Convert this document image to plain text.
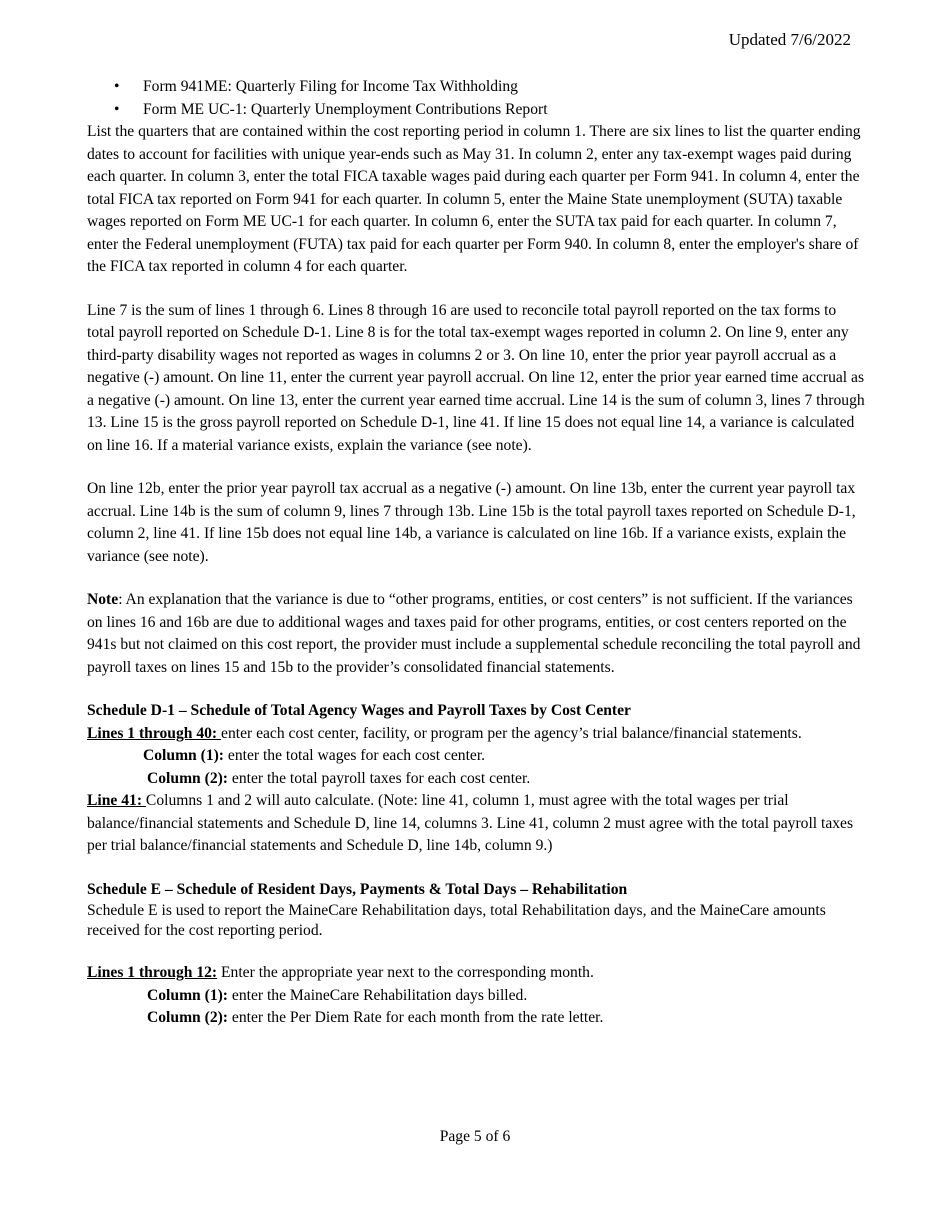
Updated 7/6/2022
• Form 941ME: Quarterly Filing for Income Tax Withholding
• Form ME UC-1: Quarterly Unemployment Contributions Report

List the quarters that are contained within the cost reporting period in column 1. There are six lines to list the quarter ending dates to account for facilities with unique year-ends such as May 31. In column 2, enter any tax-exempt wages paid during each quarter. In column 3, enter the total FICA taxable wages paid during each quarter per Form 941. In column 4, enter the total FICA tax reported on Form 941 for each quarter. In column 5, enter the Maine State unemployment (SUTA) taxable wages reported on Form ME UC-1 for each quarter. In column 6, enter the SUTA tax paid for each quarter. In column 7, enter the Federal unemployment (FUTA) tax paid for each quarter per Form 940. In column 8, enter the employer's share of the FICA tax reported in column 4 for each quarter.

Line 7 is the sum of lines 1 through 6. Lines 8 through 16 are used to reconcile total payroll reported on the tax forms to total payroll reported on Schedule D-1. Line 8 is for the total tax-exempt wages reported in column 2. On line 9, enter any third-party disability wages not reported as wages in columns 2 or 3. On line 10, enter the prior year payroll accrual as a negative (-) amount. On line 11, enter the current year payroll accrual. On line 12, enter the prior year earned time accrual as a negative (-) amount. On line 13, enter the current year earned time accrual. Line 14 is the sum of column 3, lines 7 through 13. Line 15 is the gross payroll reported on Schedule D-1, line 41. If line 15 does not equal line 14, a variance is calculated on line 16. If a material variance exists, explain the variance (see note).

On line 12b, enter the prior year payroll tax accrual as a negative (-) amount. On line 13b, enter the current year payroll tax accrual. Line 14b is the sum of column 9, lines 7 through 13b. Line 15b is the total payroll taxes reported on Schedule D-1, column 2, line 41. If line 15b does not equal line 14b, a variance is calculated on line 16b. If a variance exists, explain the variance (see note).

Note: An explanation that the variance is due to “other programs, entities, or cost centers” is not sufficient. If the variances on lines 16 and 16b are due to additional wages and taxes paid for other programs, entities, or cost centers reported on the 941s but not claimed on this cost report, the provider must include a supplemental schedule reconciling the total payroll and payroll taxes on lines 15 and 15b to the provider’s consolidated financial statements.

Schedule D-1 – Schedule of Total Agency Wages and Payroll Taxes by Cost Center

Lines 1 through 40: enter each cost center, facility, or program per the agency’s trial balance/financial statements.

Column (1): enter the total wages for each cost center.

Column (2): enter the total payroll taxes for each cost center.

Line 41: Columns 1 and 2 will auto calculate. (Note: line 41, column 1, must agree with the total wages per trial balance/financial statements and Schedule D, line 14, columns 3. Line 41, column 2 must agree with the total payroll taxes per trial balance/financial statements and Schedule D, line 14b, column 9.)

Schedule E – Schedule of Resident Days, Payments & Total Days – Rehabilitation

Schedule E is used to report the MaineCare Rehabilitation days, total Rehabilitation days, and the MaineCare amounts received for the cost reporting period.

Lines 1 through 12: Enter the appropriate year next to the corresponding month.

Column (1): enter the MaineCare Rehabilitation days billed.

Column (2): enter the Per Diem Rate for each month from the rate letter.

Page 5 of 6
